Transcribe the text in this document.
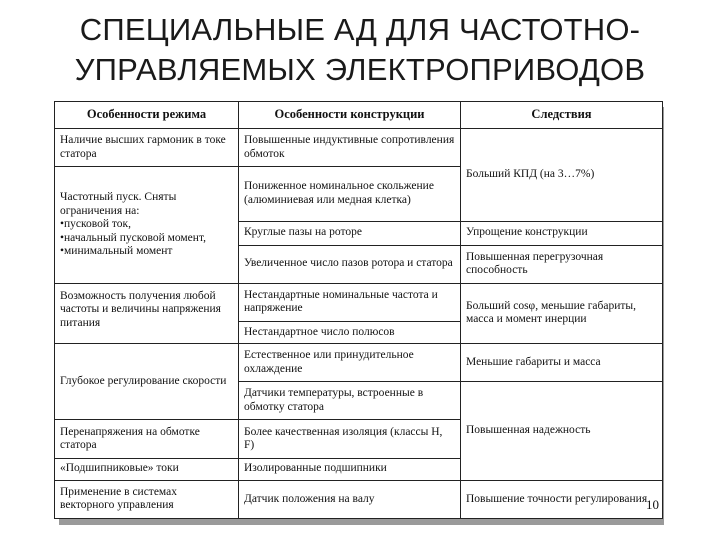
СПЕЦИАЛЬНЫЕ АД ДЛЯ ЧАСТОТНО-
УПРАВЛЯЕМЫХ ЭЛЕКТРОПРИВОДОВ
Особенности режима	Особенности конструкции	Следствия
Наличие высших гармоник в токе статора	Повышенные индуктивные сопротивления обмоток	Больший КПД (на 3…7%)

Частотный пуск. Сняты ограничения на:
•пусковой ток,
•начальный пусковой момент,
•минимальный момент	Пониженное номинальное скольжение (алюминиевая или медная клетка)	
	Круглые пазы на роторе	Упрощение конструкции
	Увеличенное число пазов ротора и статора	Повышенная перегрузочная способность
Возможность получения любой частоты и величины напряжения питания	Нестандартные номинальные частота и напряжение	Больший cosφ, меньшие габариты, масса и момент инерции
	Нестандартное число полюсов	
Глубокое регулирование скорости	Естественное или принудительное охлаждение	Меньшие габариты и масса
	Датчики температуры, встроенные в обмотку статора	Повышенная надежность
Перенапряжения на обмотке статора	Более качественная изоляция (классы H, F)	
«Подшипниковые» токи	Изолированные подшипники	
Применение в системах векторного управления	Датчик положения на валу	Повышение точности регулирования
10
